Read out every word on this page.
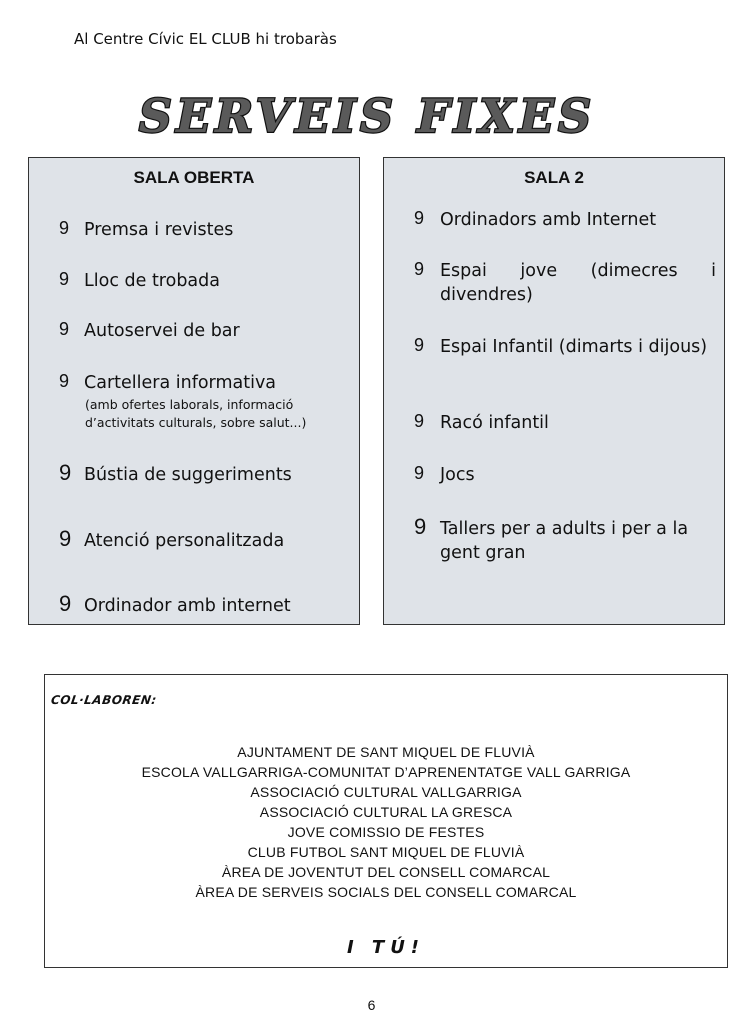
Al Centre Cívic EL CLUB hi trobaràs
SERVEIS FIXES
SALA OBERTA
9 Premsa i revistes
9 Lloc de trobada
9 Autoservei de bar
9 Cartellera informativa
(amb ofertes laborals, informació
d’activitats culturals, sobre salut...)
9 Bústia de suggeriments
9 Atenció personalitzada
9 Ordinador amb internet
SALA 2
9 Ordinadors amb Internet
9 Espai jove (dimecres i divendres)
9 Espai Infantil (dimarts i dijous)
9 Racó infantil
9 Jocs
9 Tallers per a adults i per a la gent gran
COL·LABOREN:
AJUNTAMENT DE SANT MIQUEL DE FLUVIÀ
ESCOLA VALLGARRIGA-COMUNITAT D’APRENENTATGE VALL GARRIGA
ASSOCIACIÓ CULTURAL VALLGARRIGA
ASSOCIACIÓ CULTURAL LA GRESCA
JOVE COMISSIO DE FESTES
CLUB FUTBOL SANT MIQUEL DE FLUVIÀ
ÀREA DE JOVENTUT DEL CONSELL COMARCAL
ÀREA DE SERVEIS SOCIALS DEL CONSELL COMARCAL
I TÚ!
6
